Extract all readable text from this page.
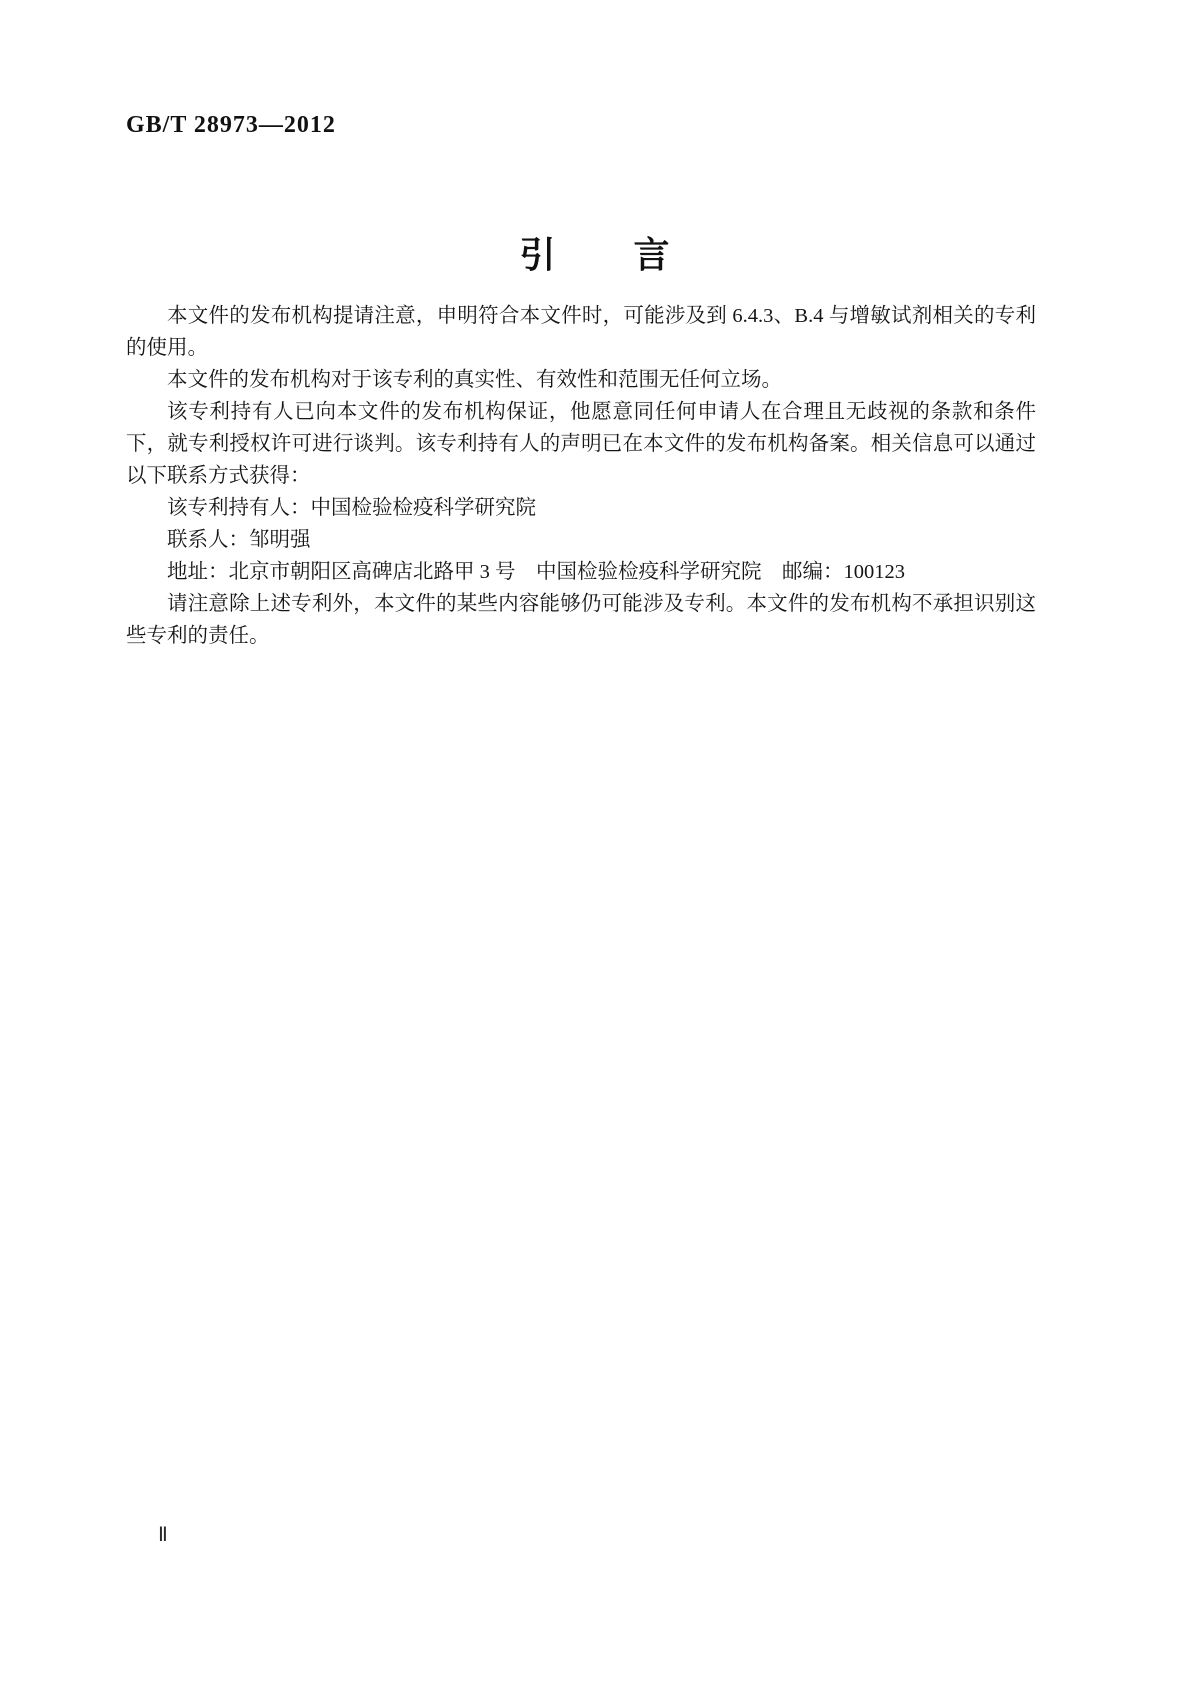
GB/T 28973—2012
引　　言

本文件的发布机构提请注意，申明符合本文件时，可能涉及到 6.4.3、B.4 与增敏试剂相关的专利的使用。

本文件的发布机构对于该专利的真实性、有效性和范围无任何立场。

该专利持有人已向本文件的发布机构保证，他愿意同任何申请人在合理且无歧视的条款和条件下，就专利授权许可进行谈判。该专利持有人的声明已在本文件的发布机构备案。相关信息可以通过以下联系方式获得：

该专利持有人：中国检验检疫科学研究院

联系人：邹明强

地址：北京市朝阳区高碑店北路甲 3 号　中国检验检疫科学研究院　邮编：100123

请注意除上述专利外，本文件的某些内容能够仍可能涉及专利。本文件的发布机构不承担识别这些专利的责任。

Ⅱ
